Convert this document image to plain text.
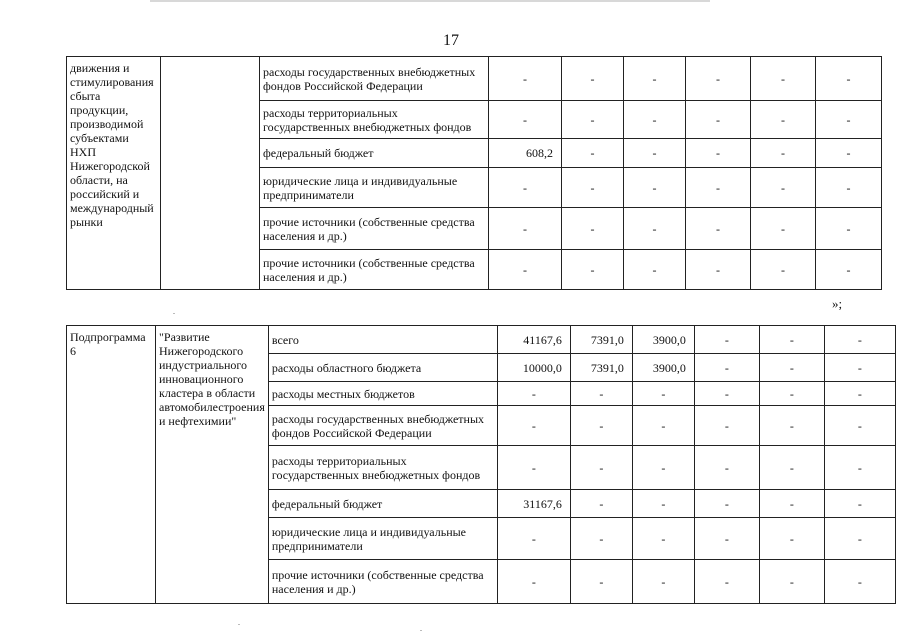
17
движения и стимулирования сбыта продукции, производимой субъектами НХП Нижегородской области, на российский и международный рынки		расходы государственных внебюджетных фондов Российской Федерации	-	-	-	-	-	-
		расходы территориальных государственных внебюджетных фондов	-	-	-	-	-	-
		федеральный бюджет	608,2	-	-	-	-	-
		юридические лица и индивидуальные предприниматели	-	-	-	-	-	-
		прочие источники (собственные средства населения и др.)	-	-	-	-	-	-
		прочие источники (собственные средства населения и др.)	-	-	-	-	-	-
»;
Подпрограмма 6	"Развитие Нижегородского индустриального инновационного кластера в области автомобилестроения и нефтехимии"	всего	41167,6	7391,0	3900,0	-	-	-
		расходы областного бюджета	10000,0	7391,0	3900,0	-	-	-
		расходы местных бюджетов	-	-	-	-	-	-
		расходы государственных внебюджетных фондов Российской Федерации	-	-	-	-	-	-
		расходы территориальных государственных внебюджетных фондов	-	-	-	-	-	-
		федеральный бюджет	31167,6	-	-	-	-	-
		юридические лица и индивидуальные предприниматели	-	-	-	-	-	-
		прочие источники (собственные средства населения и др.)	-	-	-	-	-	-
